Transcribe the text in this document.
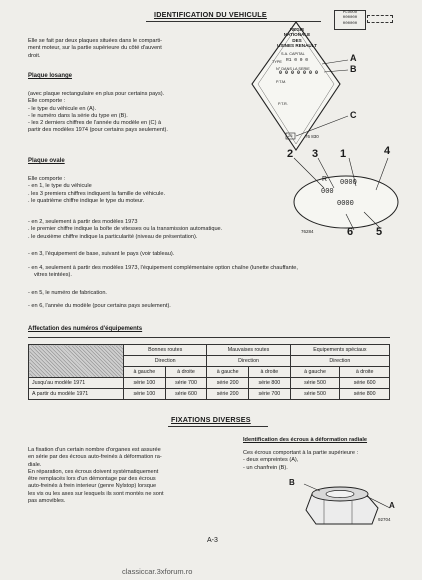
IDENTIFICATION DU VEHICULE
Elle se fait par deux plaques situées dans le comparti-
ment moteur, sur la partie supérieure du côté d'auvent
droit.
Plaque losange
(avec plaque rectangulaire en plus pour certains pays).
Elle comporte :
- le type du véhicule en (A).
- le numéro dans la série du type en (B).
- les 2 derniers chiffres de l'année du modèle en (C) à
partir des modèles 1974 (pour certains pays seulement).
PLOOOO
000000
000000
REGIE
NATIONALE
DES
USINES RENAULT
S.A. CAPITAL
TYPE R1 0 0 0
N° DANS LA SERIE
0 0 0 0 0 0 0
P.T.M.
P.T.R.
25
A
B
C
76 830
R 0000
000
0000
2 3 1	4
6 5
76284
Plaque ovale
Elle comporte :
- en 1, le type du véhicule
. les 3 premiers chiffres indiquent la famille de véhicule.
. le quatrième chiffre indique le type du moteur.
- en 2, seulement à partir des modèles 1973
. le premier chiffre indique la boîte de vitesses ou la transmission automatique.
. le deuxième chiffre indique la particularité (niveau de présentation).
- en 3, l'équipement de base, suivant le pays (voir tableau).
- en 4, seulement à partir des modèles 1973, l'équipement complémentaire option chaîne (lunette chauffante,
vitres teintées).
- en 5, le numéro de fabrication.
- en 6, l'année du modèle (pour certains pays seulement).
Affectation des numéros d'équipements
	Bonnes routes		Mauvaises routes		Equipements spéciaux	
	Direction		Direction		Direction	
	à gauche	à droite	à gauche	à droite	à gauche	à droite
Jusqu'au modèle 1971	série 100	série 700	série 200	série 800	série 500	série 600
A partir du modèle 1971	série 100	série 600	série 200	série 700	série 500	série 800
FIXATIONS DIVERSES
La fixation d'un certain nombre d'organes est assurée
en série par des écrous auto-freinés à déformation ra-
diale.
En réparation, ces écrous doivent systématiquement
être remplacés lors d'un démontage par des écrous
auto-freinés à frein interieur (genre Nylstop) lorsque
les vis ou les axes sur lesquels ils sont montés ne sont
pas amovibles.
Identification des écrous à déformation radiale
Ces écrous comportant à la partie supérieure :
- deux empreintes (A),
- un chanfrein (B).
B
A
92704
A-3
classiccar.3xforum.ro
